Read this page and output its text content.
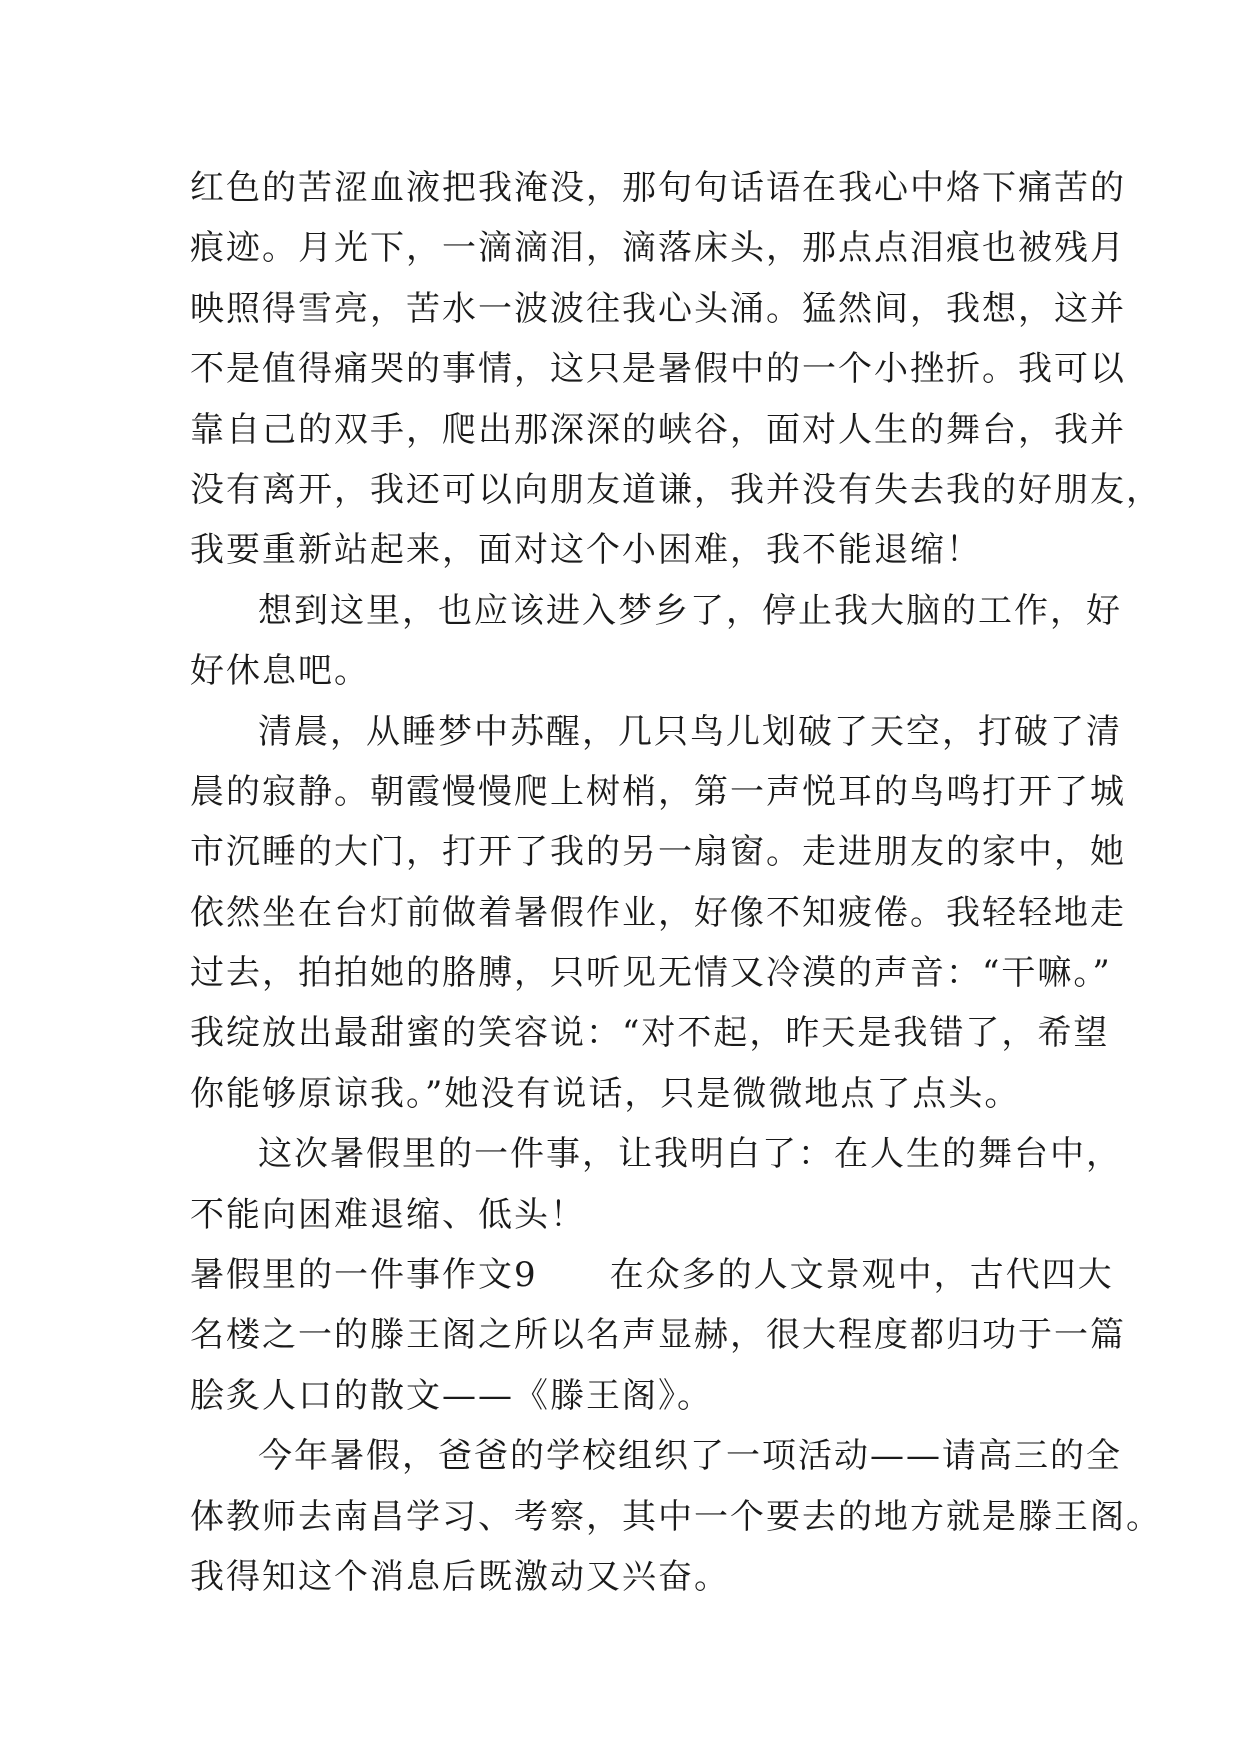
红色的苦涩血液把我淹没，那句句话语在我心中烙下痛苦的
痕迹。月光下，一滴滴泪，滴落床头，那点点泪痕也被残月
映照得雪亮，苦水一波波往我心头涌。猛然间，我想，这并
不是值得痛哭的事情，这只是暑假中的一个小挫折。我可以
靠自己的双手，爬出那深深的峡谷，面对人生的舞台，我并
没有离开，我还可以向朋友道谦，我并没有失去我的好朋友，
我要重新站起来，面对这个小困难，我不能退缩！
想到这里，也应该进入梦乡了，停止我大脑的工作，好
好休息吧。
清晨，从睡梦中苏醒，几只鸟儿划破了天空，打破了清
晨的寂静。朝霞慢慢爬上树梢，第一声悦耳的鸟鸣打开了城
市沉睡的大门，打开了我的另一扇窗。走进朋友的家中，她
依然坐在台灯前做着暑假作业，好像不知疲倦。我轻轻地走
过去，拍拍她的胳膊，只听见无情又冷漠的声音：“干嘛。”
我绽放出最甜蜜的笑容说：“对不起，昨天是我错了，希望
你能够原谅我。”她没有说话，只是微微地点了点头。
这次暑假里的一件事，让我明白了：在人生的舞台中，
不能向困难退缩、低头！
暑假里的一件事作文9　　在众多的人文景观中，古代四大
名楼之一的滕王阁之所以名声显赫，很大程度都归功于一篇
脍炙人口的散文——《滕王阁》。
今年暑假，爸爸的学校组织了一项活动——请高三的全
体教师去南昌学习、考察，其中一个要去的地方就是滕王阁。
我得知这个消息后既激动又兴奋。
